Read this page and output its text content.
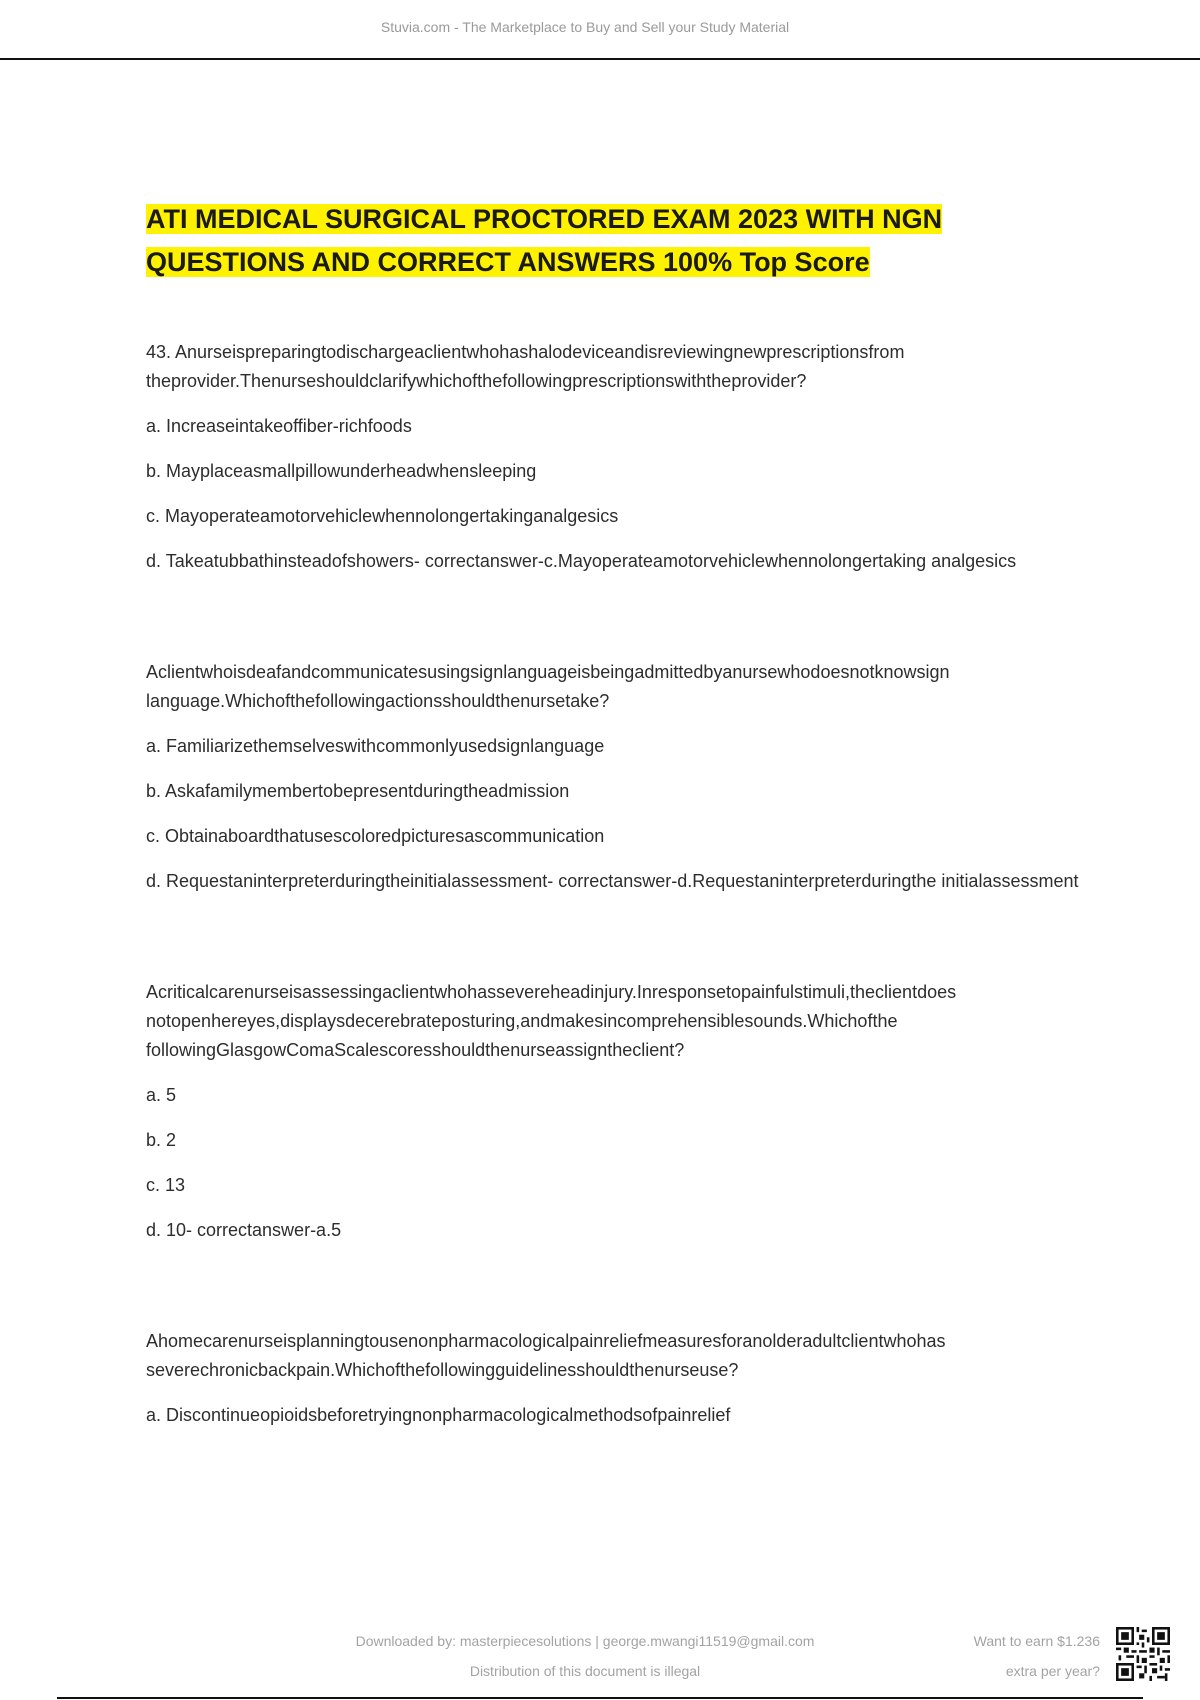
Stuvia.com - The Marketplace to Buy and Sell your Study Material
ATI MEDICAL SURGICAL PROCTORED EXAM 2023 WITH NGN
QUESTIONS AND CORRECT ANSWERS 100% Top Score

43. Anurseispreparingtodischargeaclientwhohashalodeviceandisreviewingnewprescriptionsfrom theprovider.Thenurseshouldclarifywhichofthefollowingprescriptionswiththeprovider?

a. Increaseintakeoffiber-richfoods

b. Mayplaceasmallpillowunderheadwhensleeping

c. Mayoperateamotorvehiclewhennolongertakinganalgesics

d. Takeatubbathinsteadofshowers- correctanswer-c.Mayoperateamotorvehiclewhennolongertaking analgesics

Aclientwhoisdeafandcommunicatesusingsignlanguageisbeingadmittedbyanursewhodoesnotknowsign language.Whichofthefollowingactionsshouldthenursetake?

a. Familiarizethemselveswithcommonlyusedsignlanguage

b. Askafamilymembertobepresentduringtheadmission

c. Obtainaboardthatusescoloredpicturesascommunication

d. Requestaninterpreterduringtheinitialassessment- correctanswer-d.Requestaninterpreterduringthe initialassessment

Acriticalcarenurseisassessingaclientwhohassevereheadinjury.Inresponsetopainfulstimuli,theclientdoes notopenhereyes,displaysdecerebrateposturing,andmakesincomprehensiblesounds.Whichofthe followingGlasgowComaScalescoresshouldthenurseassigntheclient?

a. 5

b. 2

c. 13

d. 10- correctanswer-a.5

Ahomecarenurseisplanningtousenonpharmacologicalpainreliefmeasuresforanolderadultclientwhohas severechronicbackpain.Whichofthefollowingguidelinesshouldthenurseuse?

a. Discontinueopioidsbeforetryingnonpharmacologicalmethodsofpainrelief

Downloaded by: masterpiecesolutions | george.mwangi11519@gmail.com
Distribution of this document is illegal
Want to earn $1.236
extra per year?
